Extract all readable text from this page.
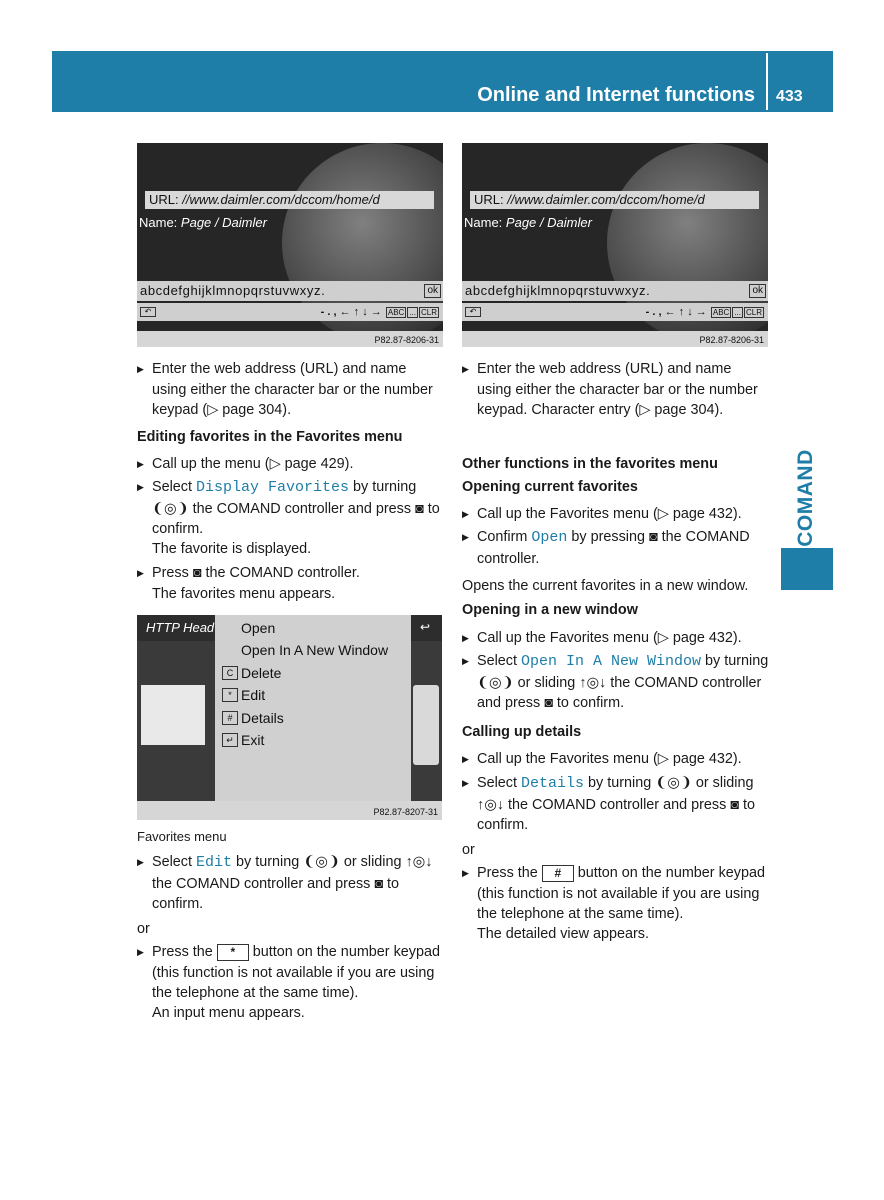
Online and Internet functions 433
COMAND
URL: //www.daimler.com/dccom/home/d
Name: Page / Daimler
abcdefghijklmnopqrstuvwxyz.	ok
↶	- . , ← ↑ ↓ → ABC ... CLR
P82.87-8206-31
URL: //www.daimler.com/dccom/home/d
Name: Page / Daimler
abcdefghijklmnopqrstuvwxyz.	ok
↶	- . , ← ↑ ↓ → ABC ... CLR
P82.87-8206-31
▶ Enter the web address (URL) and name using either the character bar or the number keypad (▷ page 304).
Editing favorites in the Favorites menu
▶ Call up the menu (▷ page 429).
▶ Select Display Favorites by turning ❨◎❩ the COMAND controller and press ◙ to confirm.
The favorite is displayed.
▶ Press ◙ the COMAND controller.
The favorites menu appears.
HTTP Head	↩
Open
Open In A New Window
C Delete
* Edit
# Details
↵ Exit
P82.87-8207-31
Favorites menu
▶ Select Edit by turning ❨◎❩ or sliding ↑◎↓ the COMAND controller and press ◙ to confirm.
or
▶ Press the * button on the number keypad (this function is not available if you are using the telephone at the same time).
An input menu appears.
▶ Enter the web address (URL) and name using either the character bar or the number keypad. Character entry (▷ page 304).
Other functions in the favorites menu
Opening current favorites
▶ Call up the Favorites menu (▷ page 432).
▶ Confirm Open by pressing ◙ the COMAND controller.
Opens the current favorites in a new window.
Opening in a new window
▶ Call up the Favorites menu (▷ page 432).
▶ Select Open In A New Window by turning ❨◎❩ or sliding ↑◎↓ the COMAND controller and press ◙ to confirm.
Calling up details
▶ Call up the Favorites menu (▷ page 432).
▶ Select Details by turning ❨◎❩ or sliding ↑◎↓ the COMAND controller and press ◙ to confirm.
or
▶ Press the # button on the number keypad (this function is not available if you are using the telephone at the same time).
The detailed view appears.
